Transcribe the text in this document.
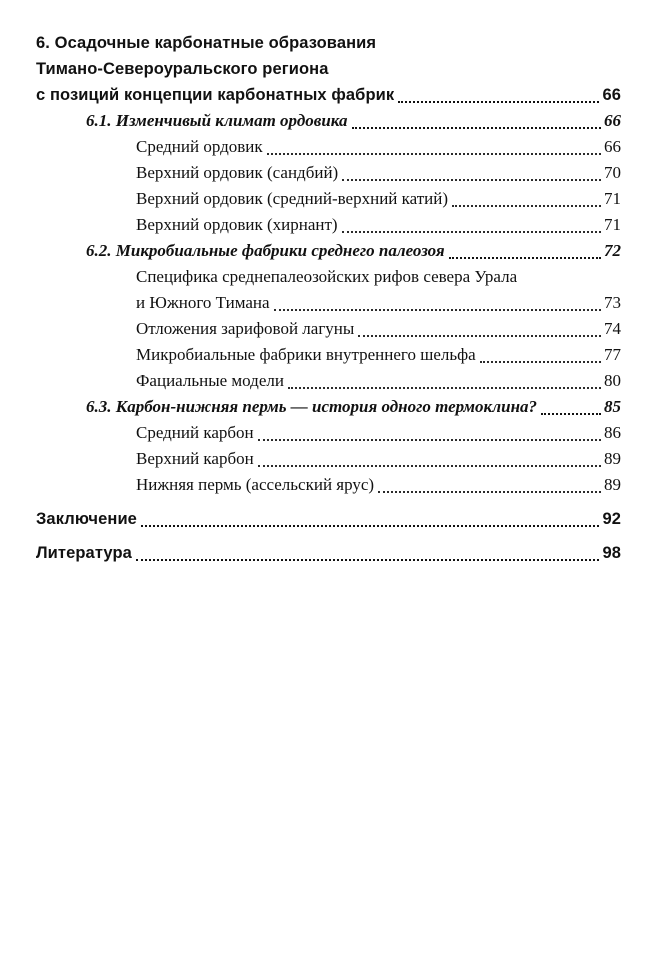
6. Осадочные карбонатные образования
Тимано-Североуральского региона
с позиций концепции карбонатных фабрик	66
6.1. Изменчивый климат ордовика	66
Средний ордовик	66
Верхний ордовик (сандбий)	70
Верхний ордовик (средний-верхний катий)	71
Верхний ордовик (хирнант)	71
6.2. Микробиальные фабрики среднего палеозоя	72
Специфика среднепалеозойских рифов севера Урала
и Южного Тимана	73
Отложения зарифовой лагуны	74
Микробиальные фабрики внутреннего шельфа	77
Фациальные модели	80
6.3. Карбон-нижняя пермь — история одного термоклина?	85
Средний карбон	86
Верхний карбон	89
Нижняя пермь (ассельский ярус)	89
Заключение	92
Литература	98
